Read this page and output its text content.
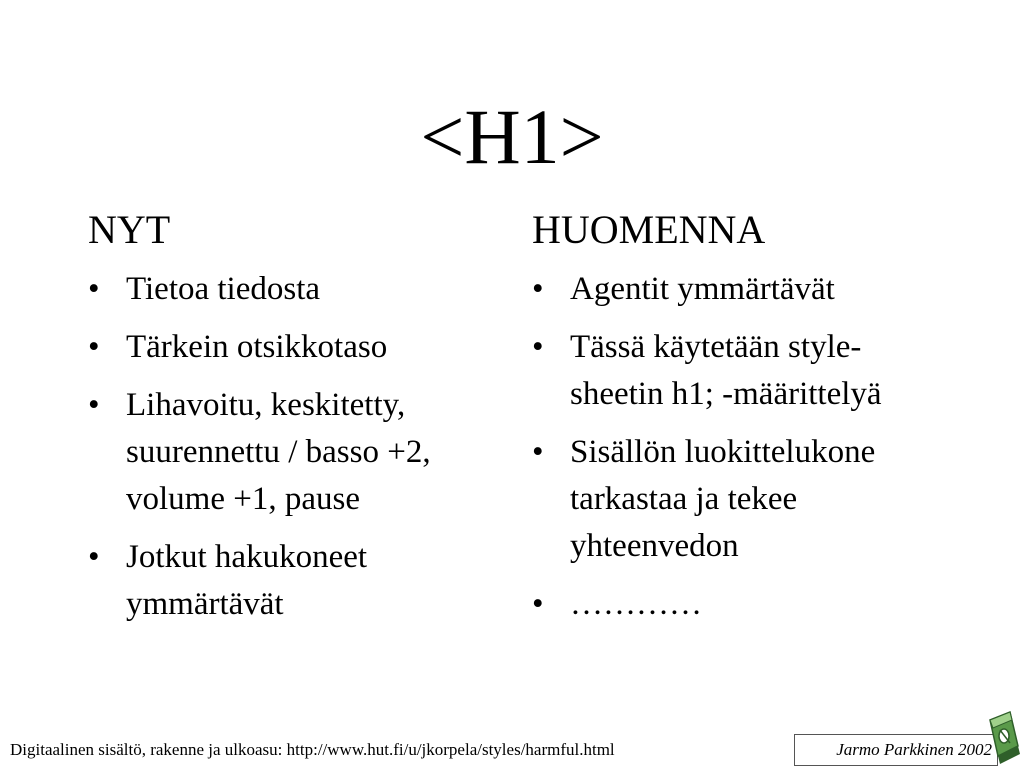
<H1>
NYT
• Tietoa tiedosta
• Tärkein otsikkotaso
• Lihavoitu, keskitetty, suurennettu / basso +2, volume +1, pause
• Jotkut hakukoneet ymmärtävät
HUOMENNA
• Agentit ymmärtävät
• Tässä käytetään style-sheetin h1; -määrittelyä
• Sisällön luokittelukone tarkastaa ja tekee yhteenvedon
• …………
Digitaalinen sisältö, rakenne ja ulkoasu: http://www.hut.fi/u/jkorpela/styles/harmful.html	Jarmo Parkkinen 2002
